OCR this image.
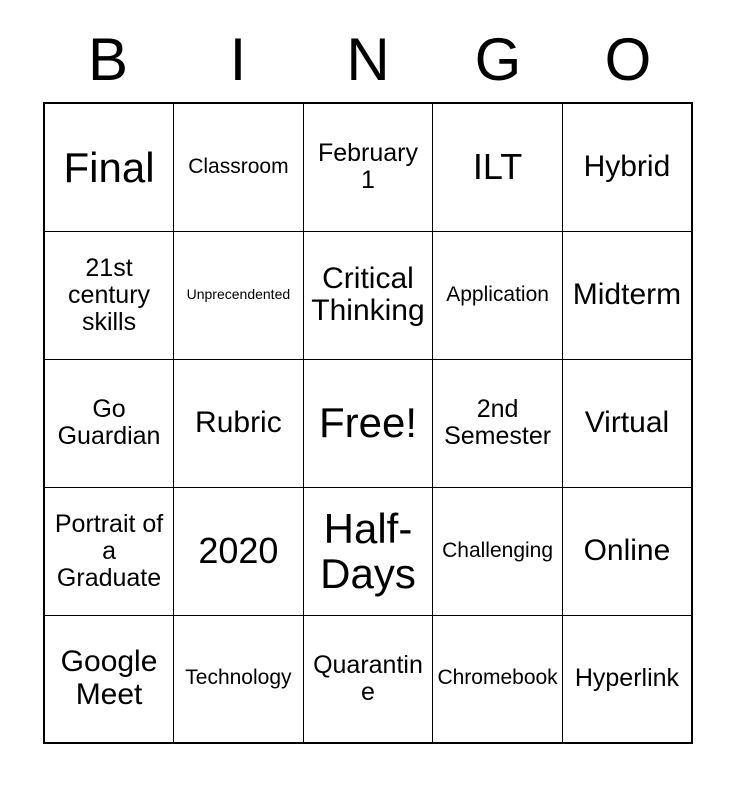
B	I	N	G	O
Final	Classroom	February 1	ILT	Hybrid

21st century skills	Unprecendented	Critical Thinking	Application	Midterm

Go Guardian	Rubric	Free!	2nd Semester	Virtual

Portrait of a Graduate	2020	Half-Days	Challenging	Online

Google Meet	Technology	Quarantine	Chromebook	Hyperlink
